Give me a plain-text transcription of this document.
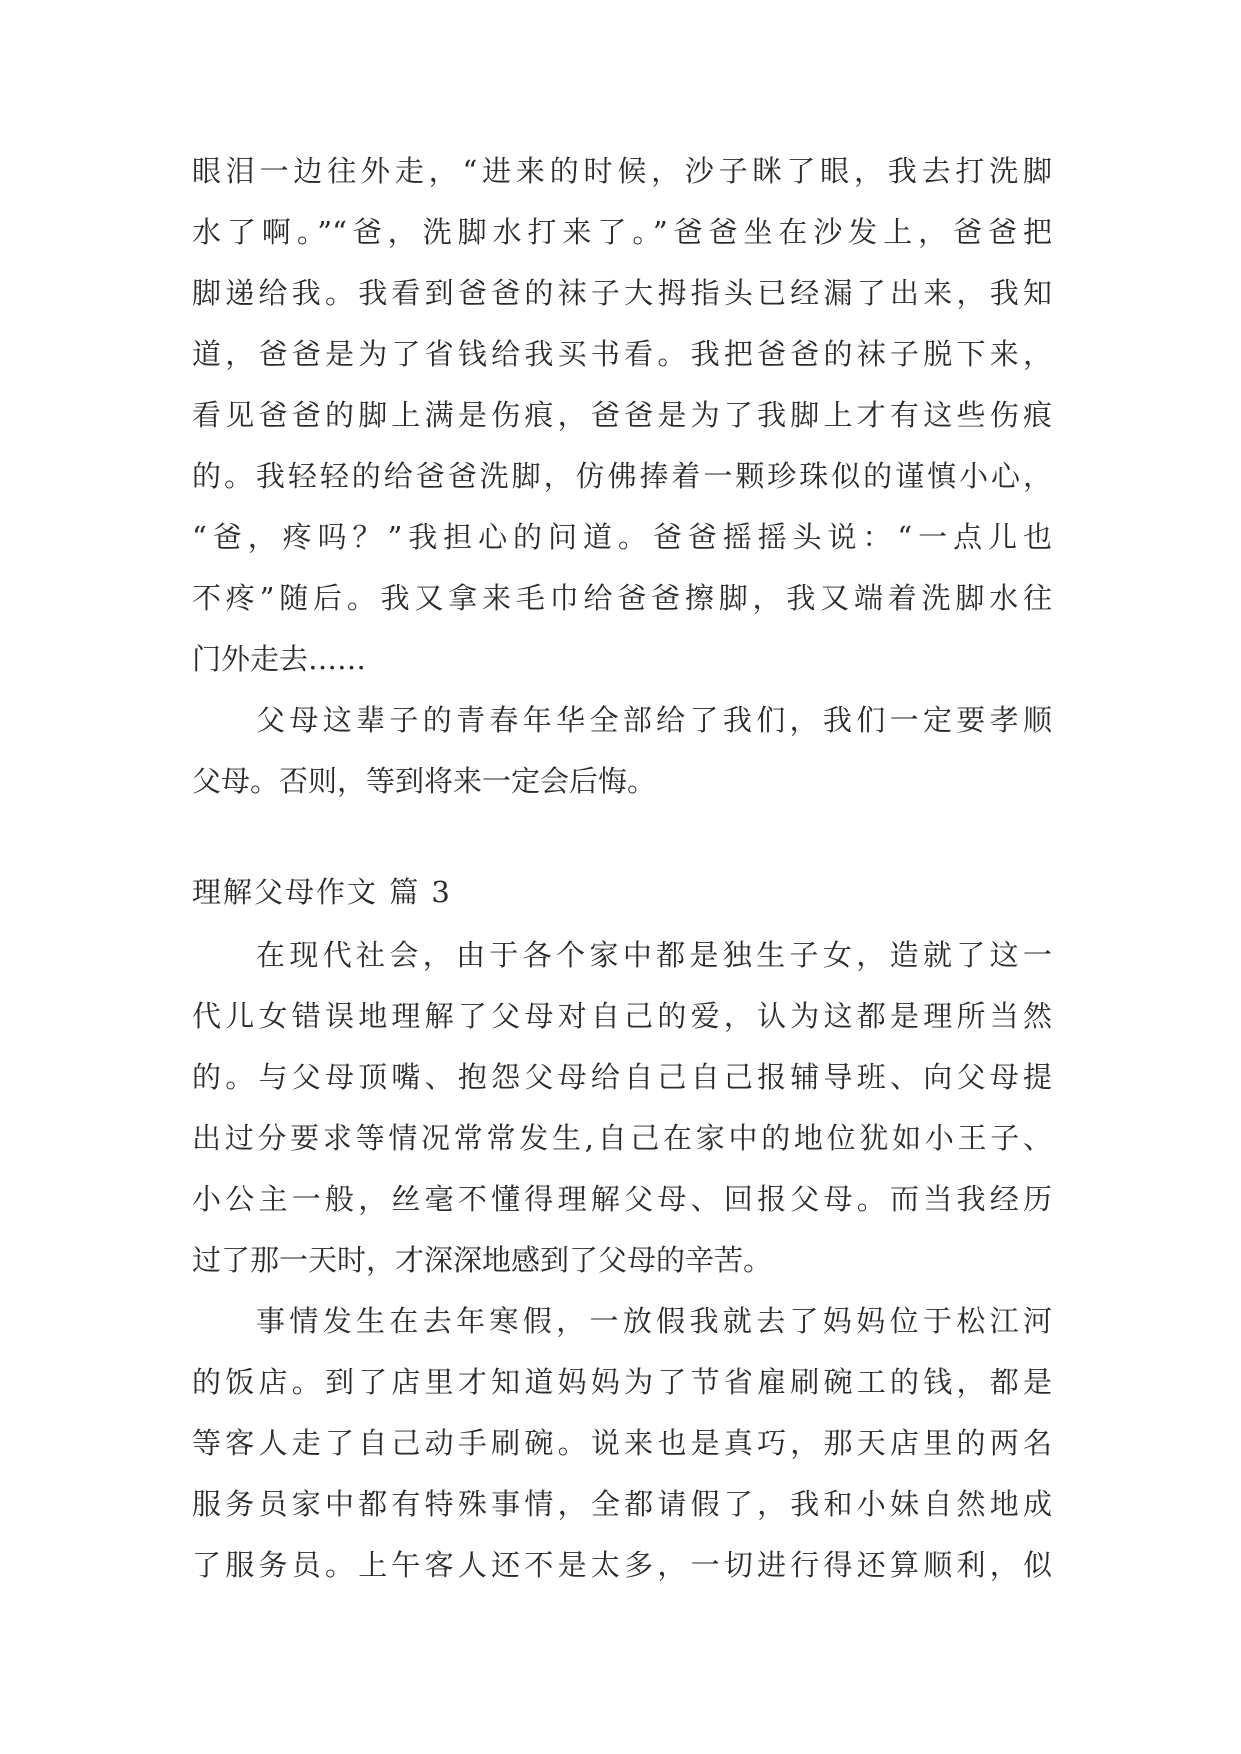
眼泪一边往外走，“进来的时候，沙子眯了眼，我去打洗脚
水了啊。”“爸，洗脚水打来了。”爸爸坐在沙发上，爸爸把
脚递给我。我看到爸爸的袜子大拇指头已经漏了出来，我知
道，爸爸是为了省钱给我买书看。我把爸爸的袜子脱下来，
看见爸爸的脚上满是伤痕，爸爸是为了我脚上才有这些伤痕
的。我轻轻的给爸爸洗脚，仿佛捧着一颗珍珠似的谨慎小心，
“爸，疼吗？”我担心的问道。爸爸摇摇头说：“一点儿也
不疼”随后。我又拿来毛巾给爸爸擦脚，我又端着洗脚水往
门外走去……
父母这辈子的青春年华全部给了我们，我们一定要孝顺
父母。否则，等到将来一定会后悔。
理解父母作文 篇 3
在现代社会，由于各个家中都是独生子女，造就了这一
代儿女错误地理解了父母对自己的爱，认为这都是理所当然
的。与父母顶嘴、抱怨父母给自己自己报辅导班、向父母提
出过分要求等情况常常发生,自己在家中的地位犹如小王子、
小公主一般，丝毫不懂得理解父母、回报父母。而当我经历
过了那一天时，才深深地感到了父母的辛苦。
事情发生在去年寒假，一放假我就去了妈妈位于松江河
的饭店。到了店里才知道妈妈为了节省雇刷碗工的钱，都是
等客人走了自己动手刷碗。说来也是真巧，那天店里的两名
服务员家中都有特殊事情，全都请假了，我和小妹自然地成
了服务员。上午客人还不是太多，一切进行得还算顺利，似
